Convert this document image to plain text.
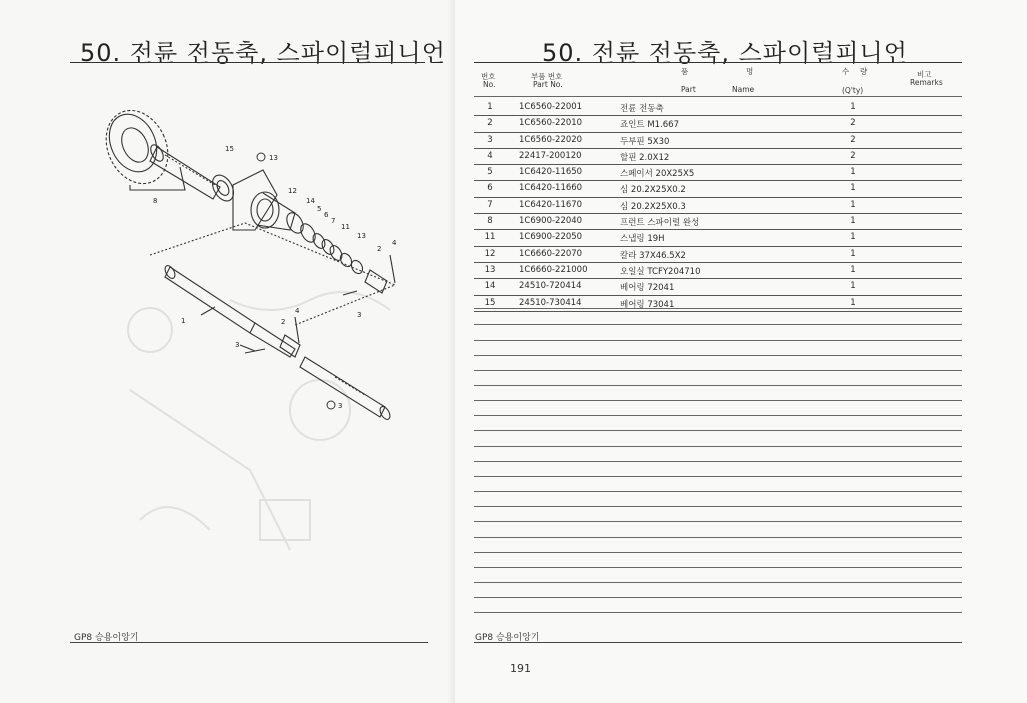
50. 전륜 전동축, 스파이럴피니언
8
15
13
12
14
5
6
7
11
13
2
4
3
1	2
4
3
3
GP8 승용이앙기
50. 전륜 전동축, 스파이럴피니언
번호
No.
부품 번호
Part No.
품	명
Part	Name
수 량
(Q'ty)
비고
Remarks
1	1C6560-22001	전륜 전동축	1
2	1C6560-22010	죠인트 M1.667	2
3	1C6560-22020	두부핀 5X30	2
4	22417-200120	할핀 2.0X12	2
5	1C6420-11650	스페이서 20X25X5	1
6	1C6420-11660	심 20.2X25X0.2	1
7	1C6420-11670	심 20.2X25X0.3	1
8	1C6900-22040	프런트 스파이럴 완성	1
11	1C6900-22050	스냅링 19H	1
12	1C6660-22070	칼라 37X46.5X2	1
13	1C6660-221000	오일실 TCFY204710	1
14	24510-720414	베어링 72041	1
15	24510-730414	베어링 73041	1
GP8 승용이앙기
191
